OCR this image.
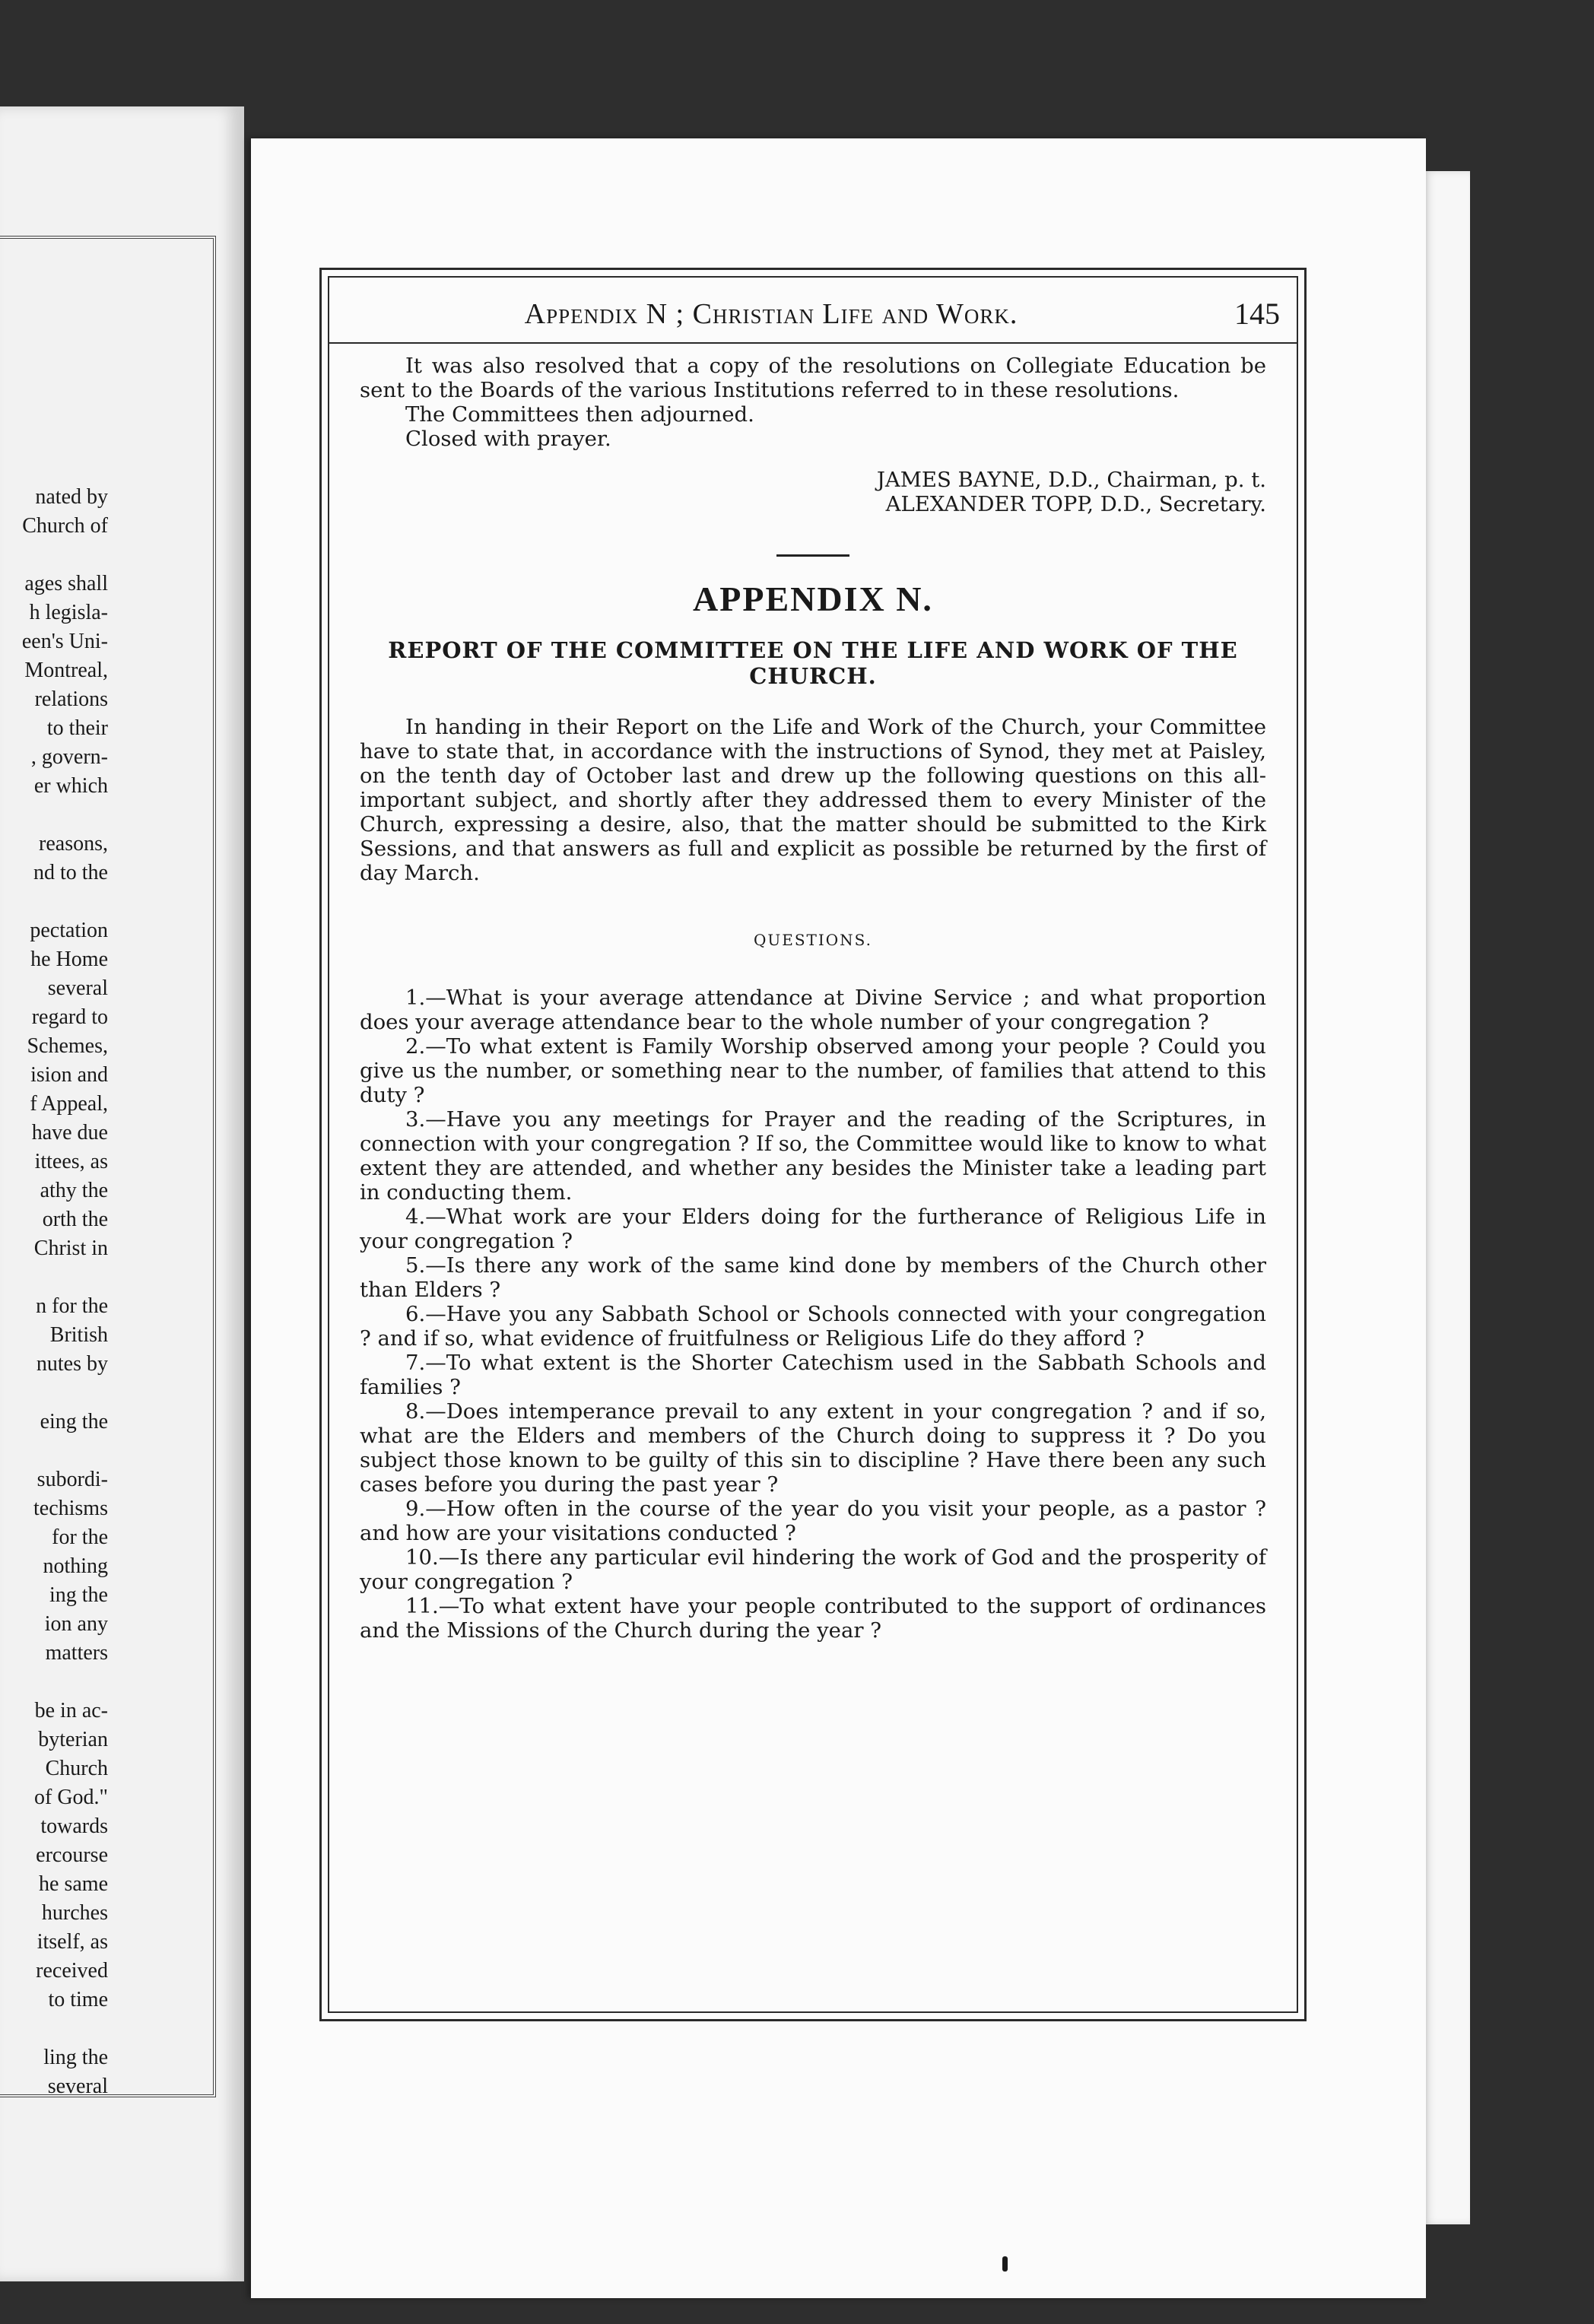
nated by
Church of
ages shall
h legisla-
een's Uni-
Montreal,
relations
to their
, govern-
er which
reasons,
nd to the
pectation
he Home
several
regard to
Schemes,
ision and
f Appeal,
have due
ittees, as
athy the
orth the
Christ in
n for the
British
nutes by
eing the
subordi-
techisms
for the
nothing
ing the
ion any
matters
be in ac-
byterian
Church
of God."
towards
ercourse
he same
hurches
itself, as
received
to time
ling the
several
Appendix N ; Christian Life and Work.	145

It was also resolved that a copy of the resolutions on Collegiate Education be sent to the Boards of the various Institutions referred to in these resolutions.

The Committees then adjourned.

Closed with prayer.

JAMES BAYNE, D.D., Chairman, p. t.
ALEXANDER TOPP, D.D., Secretary.
APPENDIX N.
REPORT OF THE COMMITTEE ON THE LIFE AND WORK OF THE CHURCH.

In handing in their Report on the Life and Work of the Church, your Committee have to state that, in accordance with the instructions of Synod, they met at Paisley, on the tenth day of October last and drew up the following questions on this all-important subject, and shortly after they addressed them to every Minister of the Church, expressing a desire, also, that the matter should be submitted to the Kirk Sessions, and that answers as full and explicit as possible be returned by the first of day March.

QUESTIONS.

1.—What is your average attendance at Divine Service ; and what proportion does your average attendance bear to the whole number of your congregation ?

2.—To what extent is Family Worship observed among your people ? Could you give us the number, or something near to the number, of families that attend to this duty ?

3.—Have you any meetings for Prayer and the reading of the Scriptures, in connection with your congregation ? If so, the Committee would like to know to what extent they are attended, and whether any besides the Minister take a leading part in conducting them.

4.—What work are your Elders doing for the furtherance of Religious Life in your congregation ?

5.—Is there any work of the same kind done by members of the Church other than Elders ?

6.—Have you any Sabbath School or Schools connected with your congregation ? and if so, what evidence of fruitfulness or Religious Life do they afford ?

7.—To what extent is the Shorter Catechism used in the Sabbath Schools and families ?

8.—Does intemperance prevail to any extent in your congregation ? and if so, what are the Elders and members of the Church doing to suppress it ? Do you subject those known to be guilty of this sin to discipline ? Have there been any such cases before you during the past year ?

9.—How often in the course of the year do you visit your people, as a pastor ? and how are your visitations conducted ?

10.—Is there any particular evil hindering the work of God and the prosperity of your congregation ?

11.—To what extent have your people contributed to the support of ordinances and the Missions of the Church during the year ?
